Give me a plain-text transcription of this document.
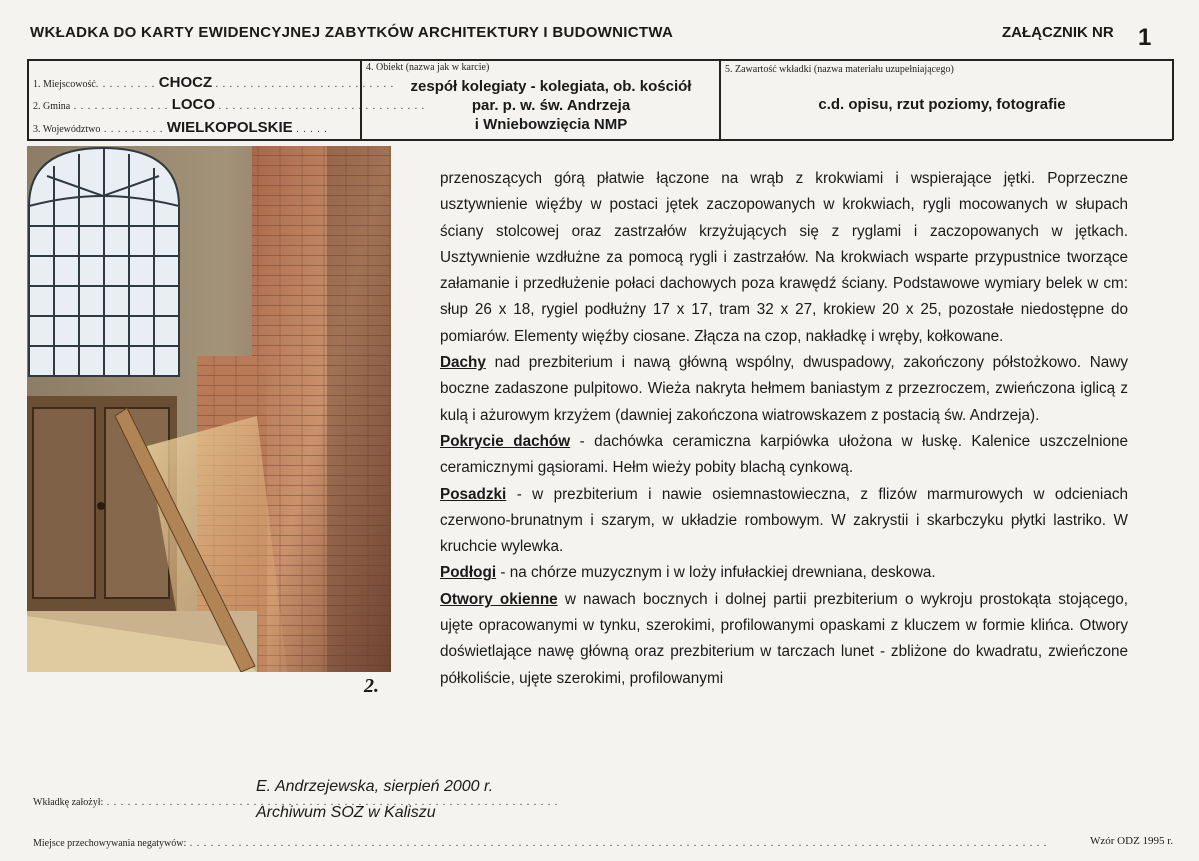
WKŁADKA DO KARTY EWIDENCYJNEJ ZABYTKÓW ARCHITEKTURY I BUDOWNICTWA	ZAŁĄCZNIK NR 1
1. Miejscowość. . . . . . . . . CHOCZ . . . . . . . . . . . . . . . . . . . . . . . . . .
2. Gmina . . . . . . . . . . . . . . LOCO . . . . . . . . . . . . . . . . . . . . . . . . . . . . . .
3. Województwo . . . . . . . . . WIELKOPOLSKIE . . . . .
4. Obiekt (nazwa jak w karcie)
zespół kolegiaty - kolegiata, ob. kościół
par. p. w. św. Andrzeja
i Wniebowzięcia NMP
5. Zawartość wkładki (nazwa materiału uzupełniającego)
c.d. opisu, rzut poziomy, fotografie
2.

przenoszących górą płatwie łączone na wrąb z krokwiami i wspierające jętki. Poprzeczne usztywnienie więźby w postaci jętek zaczopowanych w krokwiach, rygli mocowanych w słupach ściany stolcowej oraz zastrzałów krzyżujących się z ryglami i zaczopowanych w jętkach. Usztywnienie wzdłużne za pomocą rygli i zastrzałów. Na krokwiach wsparte przypustnice tworzące załamanie i przedłużenie połaci dachowych poza krawędź ściany. Podstawowe wymiary belek w cm: słup 26 x 18, rygiel podłużny 17 x 17, tram 32 x 27, krokiew 20 x 25, pozostałe niedostępne do pomiarów. Elementy więźby ciosane. Złącza na czop, nakładkę i wręby, kołkowane.

Dachy nad prezbiterium i nawą główną wspólny, dwuspadowy, zakończony półstożkowo. Nawy boczne zadaszone pulpitowo. Wieża nakryta hełmem baniastym z przezroczem, zwieńczona iglicą z kulą i ażurowym krzyżem (dawniej zakończona wiatrowskazem z postacią św. Andrzeja).

Pokrycie dachów - dachówka ceramiczna karpiówka ułożona w łuskę. Kalenice uszczelnione ceramicznymi gąsiorami. Hełm wieży pobity blachą cynkową.

Posadzki - w prezbiterium i nawie osiemnastowieczna, z flizów marmurowych w odcieniach czerwono-brunatnym i szarym, w układzie rombowym. W zakrystii i skarbczyku płytki lastriko. W kruchcie wylewka.

Podłogi - na chórze muzycznym i w loży infułackiej drewniana, deskowa.

Otwory okienne w nawach bocznych i dolnej partii prezbiterium o wykroju prostokąta stojącego, ujęte opracowanymi w tynku, szerokimi, profilowanymi opaskami z kluczem w formie klińca. Otwory doświetlające nawę główną oraz prezbiterium w tarczach lunet - zbliżone do kwadratu, zwieńczone półkoliście, ujęte szerokimi, profilowanymi

E. Andrzejewska, sierpień 2000 r.
Wkładkę założył: . . . . . . . . . . . . . . . . . . . . . . . . . . . . . . . . . . . . . . . . . . . . . . . . . . . . . . . . . . . . . . . . .
Archiwum SOZ w Kaliszu
Miejsce przechowywania negatywów: . . . . . . . . . . . . . . . . . . . . . . . . . . . . . . . . . . . . . . . . . . . . . . . . . . . . . . . . . . . . . . . . . . . . . . . . . . . . . . . . . . . . . . . . . . . . . . . . . . . . . . . . . . . . . . . . . . . . . . . . . . .	Wzór ODZ 1995 r.
